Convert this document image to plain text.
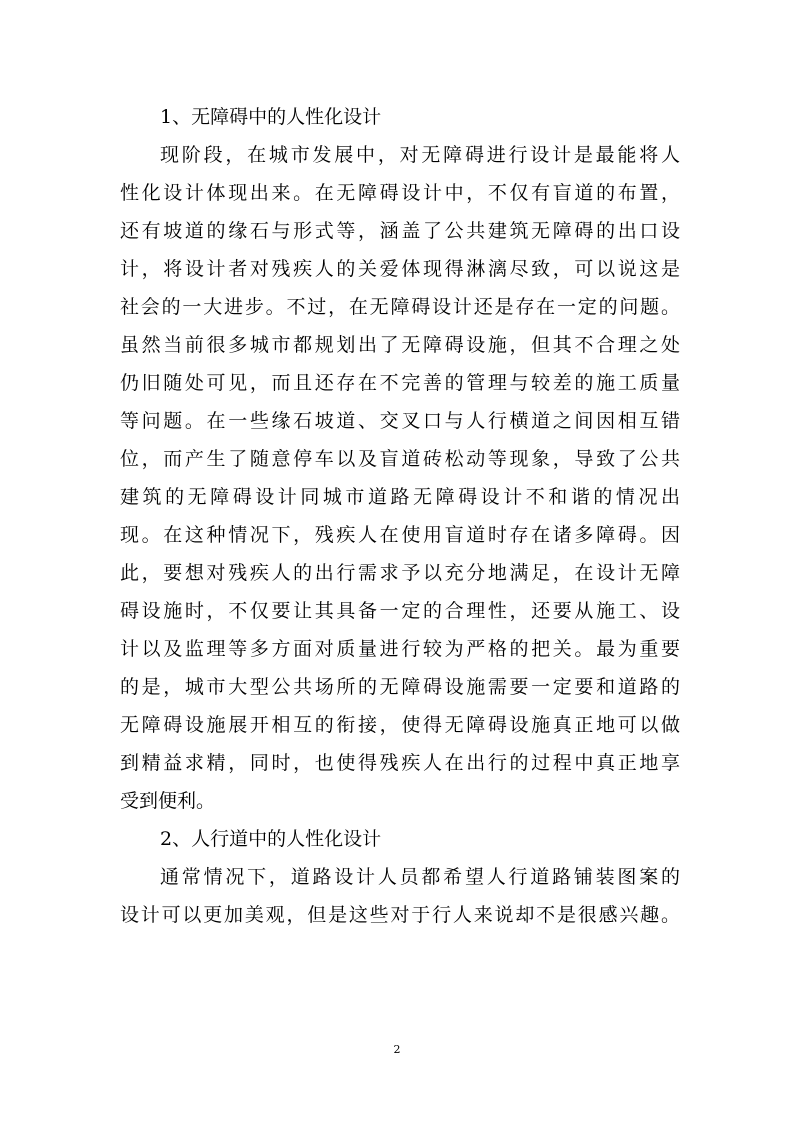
1、无障碍中的人性化设计

现阶段，在城市发展中，对无障碍进行设计是最能将人
性化设计体现出来。在无障碍设计中，不仅有盲道的布置，
还有坡道的缘石与形式等，涵盖了公共建筑无障碍的出口设
计，将设计者对残疾人的关爱体现得淋漓尽致，可以说这是
社会的一大进步。不过，在无障碍设计还是存在一定的问题。
虽然当前很多城市都规划出了无障碍设施，但其不合理之处
仍旧随处可见，而且还存在不完善的管理与较差的施工质量
等问题。在一些缘石坡道、交叉口与人行横道之间因相互错
位，而产生了随意停车以及盲道砖松动等现象，导致了公共
建筑的无障碍设计同城市道路无障碍设计不和谐的情况出
现。在这种情况下，残疾人在使用盲道时存在诸多障碍。因
此，要想对残疾人的出行需求予以充分地满足，在设计无障
碍设施时，不仅要让其具备一定的合理性，还要从施工、设
计以及监理等多方面对质量进行较为严格的把关。最为重要
的是，城市大型公共场所的无障碍设施需要一定要和道路的
无障碍设施展开相互的衔接，使得无障碍设施真正地可以做
到精益求精，同时，也使得残疾人在出行的过程中真正地享
受到便利。

2、人行道中的人性化设计

通常情况下，道路设计人员都希望人行道路铺装图案的
设计可以更加美观，但是这些对于行人来说却不是很感兴趣。

2
